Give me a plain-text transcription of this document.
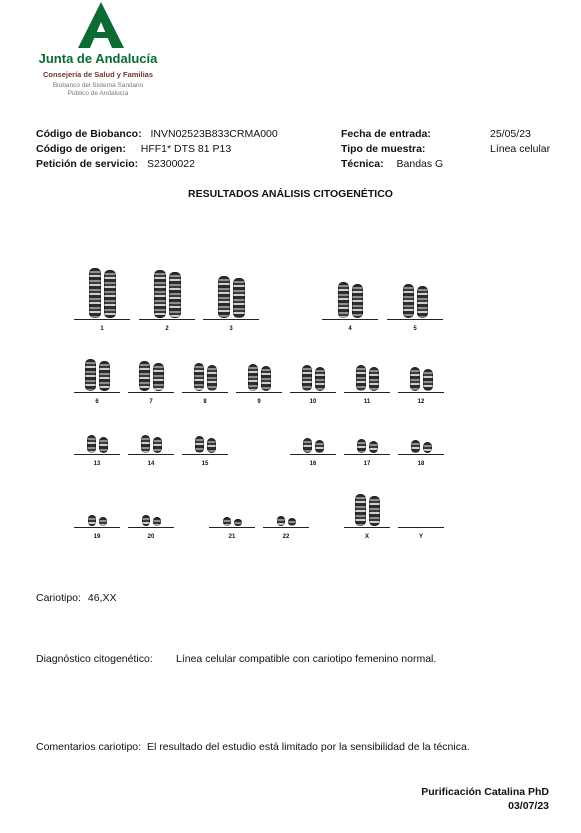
Junta de Andalucía
Consejería de Salud y Familias
Biobanco del Sistema Sanitario
Público de Andalucía
Código de Biobanco: INVN02523B833CRMA000
Código de origen: HFF1* DTS 81 P13
Petición de servicio: S2300022
Fecha de entrada:	25/05/23
Tipo de muestra:	Línea celular
Técnica: Bandas G
RESULTADOS ANÁLISIS CITOGENÉTICO
1	2	3	4	5
6	7	8	9	10	11	12
13	14	15	16	17	18
19	20	21	22	X	Y
Cariotipo: 46,XX
Diagnóstico citogenético: Línea celular compatible con cariotipo femenino normal.
Comentarios cariotipo: El resultado del estudio está limitado por la sensibilidad de la técnica.
Purificación Catalina PhD
03/07/23
